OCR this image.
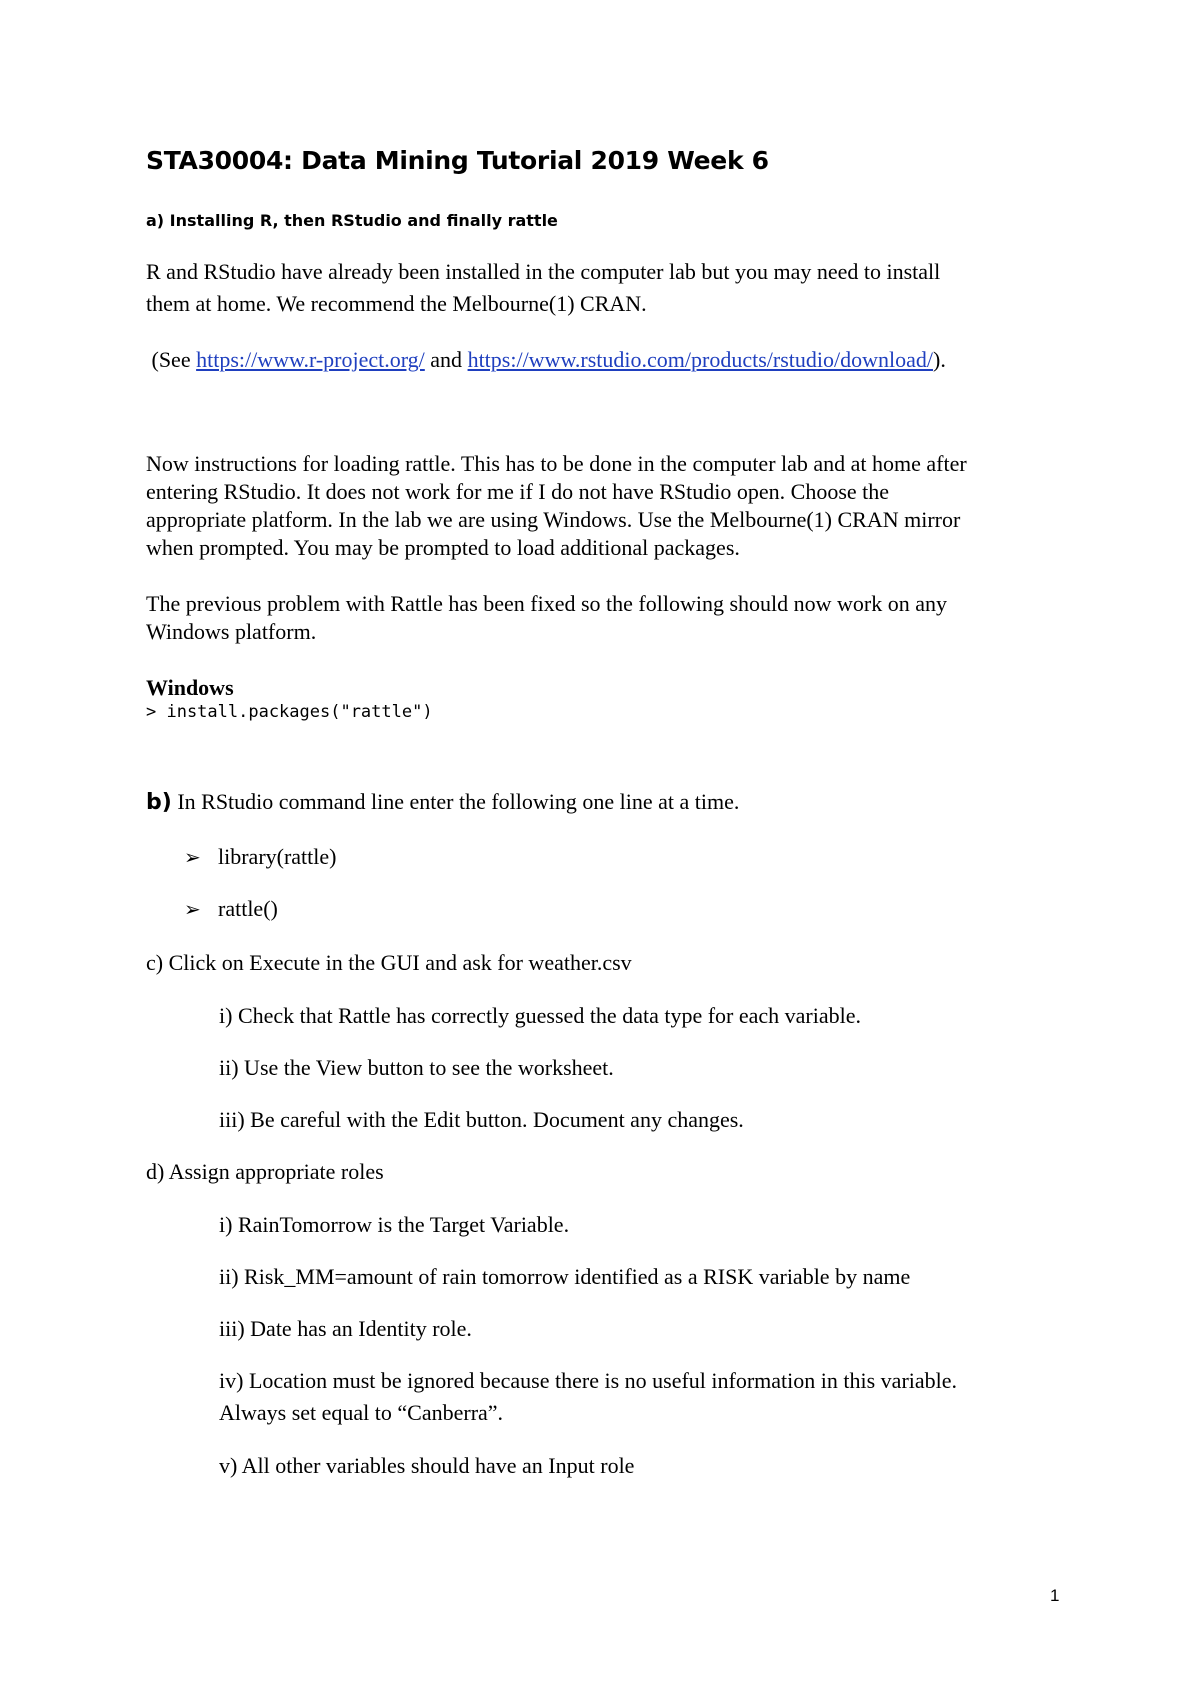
STA30004: Data Mining Tutorial 2019 Week 6
a) Installing R, then RStudio and finally rattle
R and RStudio have already been installed in the computer lab but you may need to install
them at home. We recommend the Melbourne(1) CRAN.
(See https://www.r-project.org/ and https://www.rstudio.com/products/rstudio/download/).
Now instructions for loading rattle. This has to be done in the computer lab and at home after
entering RStudio. It does not work for me if I do not have RStudio open. Choose the
appropriate platform. In the lab we are using Windows. Use the Melbourne(1) CRAN mirror
when prompted. You may be prompted to load additional packages.
The previous problem with Rattle has been fixed so the following should now work on any
Windows platform.
Windows
> install.packages("rattle")
b) In RStudio command line enter the following one line at a time.
➢ library(rattle)
➢ rattle()
c) Click on Execute in the GUI and ask for weather.csv
i) Check that Rattle has correctly guessed the data type for each variable.
ii) Use the View button to see the worksheet.
iii) Be careful with the Edit button. Document any changes.
d) Assign appropriate roles
i) RainTomorrow is the Target Variable.
ii) Risk_MM=amount of rain tomorrow identified as a RISK variable by name
iii) Date has an Identity role.
iv) Location must be ignored because there is no useful information in this variable.
Always set equal to “Canberra”.
v) All other variables should have an Input role
1
